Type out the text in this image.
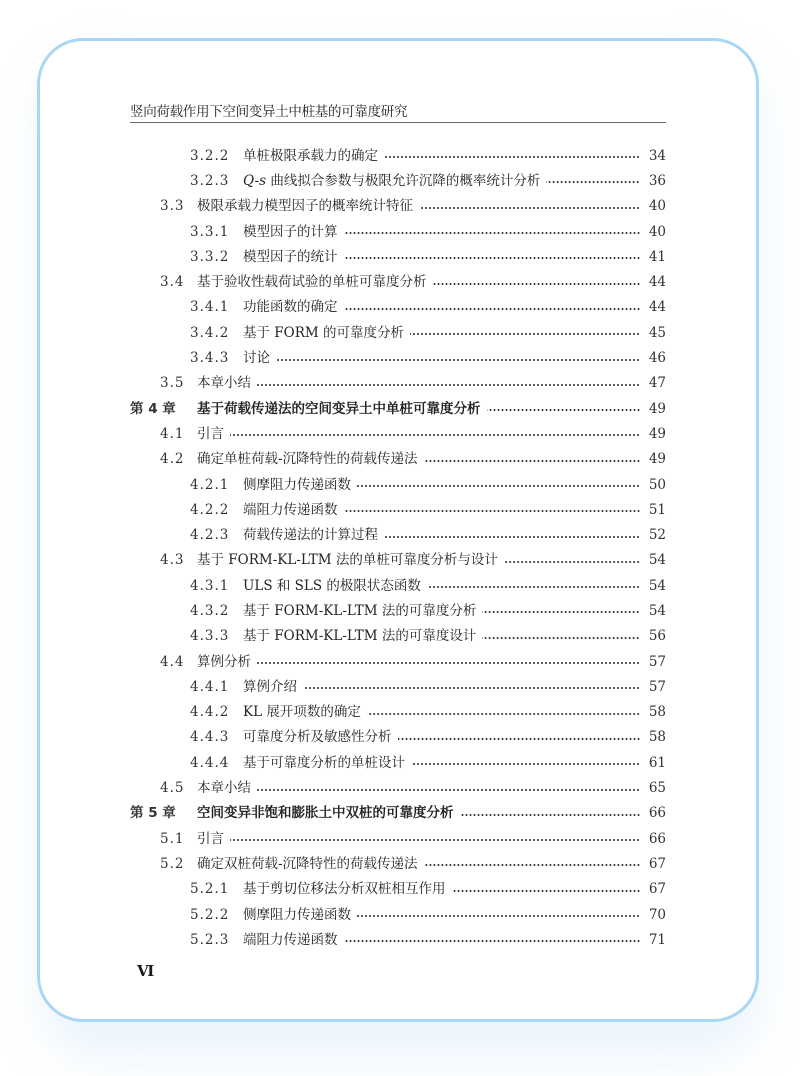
竖向荷载作用下空间变异土中桩基的可靠度研究
3.2.2	单桩极限承载力的确定	34
3.2.3	Q-s 曲线拟合参数与极限允许沉降的概率统计分析	36
3.3 极限承载力模型因子的概率统计特征	40
3.3.1	模型因子的计算	40
3.3.2	模型因子的统计	41
3.4 基于验收性载荷试验的单桩可靠度分析	44
3.4.1	功能函数的确定	44
3.4.2	基于 FORM 的可靠度分析	45
3.4.3	讨论	46
3.5 本章小结	47
第 4 章	基于荷载传递法的空间变异土中单桩可靠度分析	49
4.1 引言	49
4.2 确定单桩荷载-沉降特性的荷载传递法	49
4.2.1	侧摩阻力传递函数	50
4.2.2	端阻力传递函数	51
4.2.3	荷载传递法的计算过程	52
4.3 基于 FORM-KL-LTM 法的单桩可靠度分析与设计	54
4.3.1	ULS 和 SLS 的极限状态函数	54
4.3.2	基于 FORM-KL-LTM 法的可靠度分析	54
4.3.3	基于 FORM-KL-LTM 法的可靠度设计	56
4.4 算例分析	57
4.4.1	算例介绍	57
4.4.2	KL 展开项数的确定	58
4.4.3	可靠度分析及敏感性分析	58
4.4.4	基于可靠度分析的单桩设计	61
4.5 本章小结	65
第 5 章	空间变异非饱和膨胀土中双桩的可靠度分析	66
5.1 引言	66
5.2 确定双桩荷载-沉降特性的荷载传递法	67
5.2.1	基于剪切位移法分析双桩相互作用	67
5.2.2	侧摩阻力传递函数	70
5.2.3	端阻力传递函数	71
Ⅵ
